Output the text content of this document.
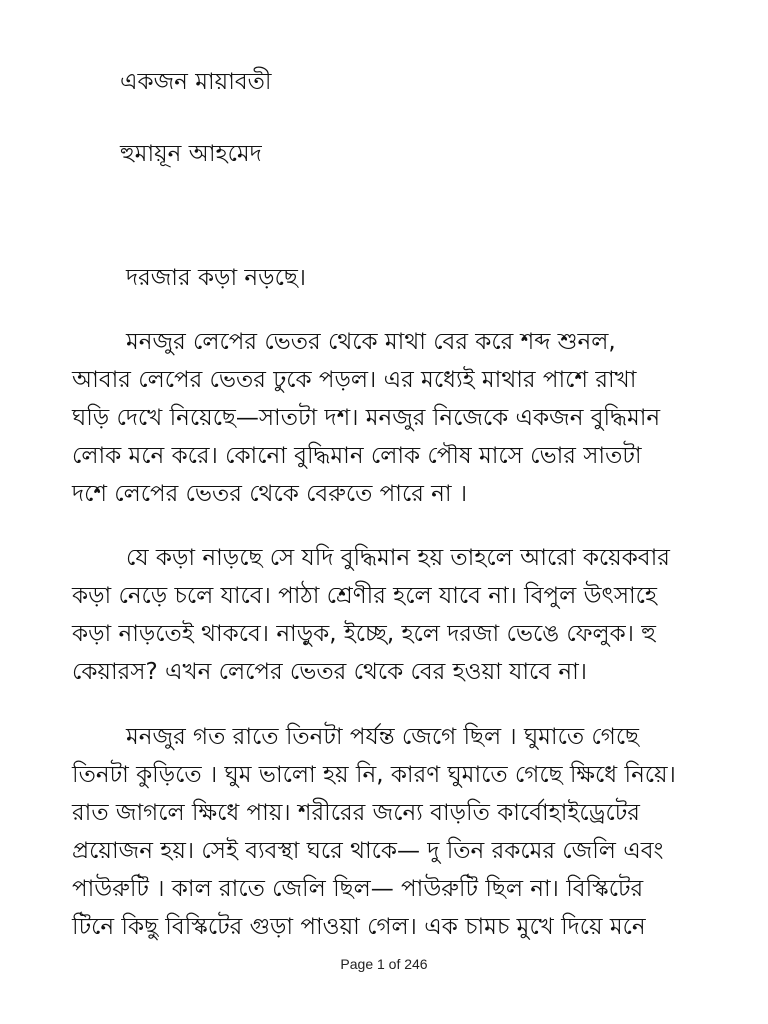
একজন মায়াবতী
হুমায়ূন আহমেদ

দরজার কড়া নড়ছে।

মনজুর লেপের ভেতর থেকে মাথা বের করে শব্দ শুনল,
আবার লেপের ভেতর ঢুকে পড়ল। এর মধ্যেই মাথার পাশে রাখা
ঘড়ি দেখে নিয়েছে—সাতটা দশ। মনজুর নিজেকে একজন বুদ্ধিমান
লোক মনে করে। কোনো বুদ্ধিমান লোক পৌষ মাসে ভোর সাতটা
দশে লেপের ভেতর থেকে বেরুতে পারে না ।

যে কড়া নাড়ছে সে যদি বুদ্ধিমান হয় তাহলে আরো কয়েকবার
কড়া নেড়ে চলে যাবে। পাঠা শ্রেণীর হলে যাবে না। বিপুল উৎসাহে
কড়া নাড়তেই থাকবে। নাড়ুক, ইচ্ছে, হলে দরজা ভেঙে ফেলুক। হু
কেয়ারস? এখন লেপের ভেতর থেকে বের হওয়া যাবে না।

মনজুর গত রাতে তিনটা পর্যন্ত জেগে ছিল । ঘুমাতে গেছে
তিনটা কুড়িতে । ঘুম ভালো হয় নি, কারণ ঘুমাতে গেছে ক্ষিধে নিয়ে।
রাত জাগলে ক্ষিধে পায়। শরীরের জন্যে বাড়তি কার্বোহাইড্রেটের
প্রয়োজন হয়। সেই ব্যবস্থা ঘরে থাকে— দু তিন রকমের জেলি এবং
পাউরুটি । কাল রাতে জেলি ছিল— পাউরুটি ছিল না। বিস্কিটের
টিনে কিছু বিস্কিটের গুড়া পাওয়া গেল। এক চামচ মুখে দিয়ে মনে

Page 1 of 246
